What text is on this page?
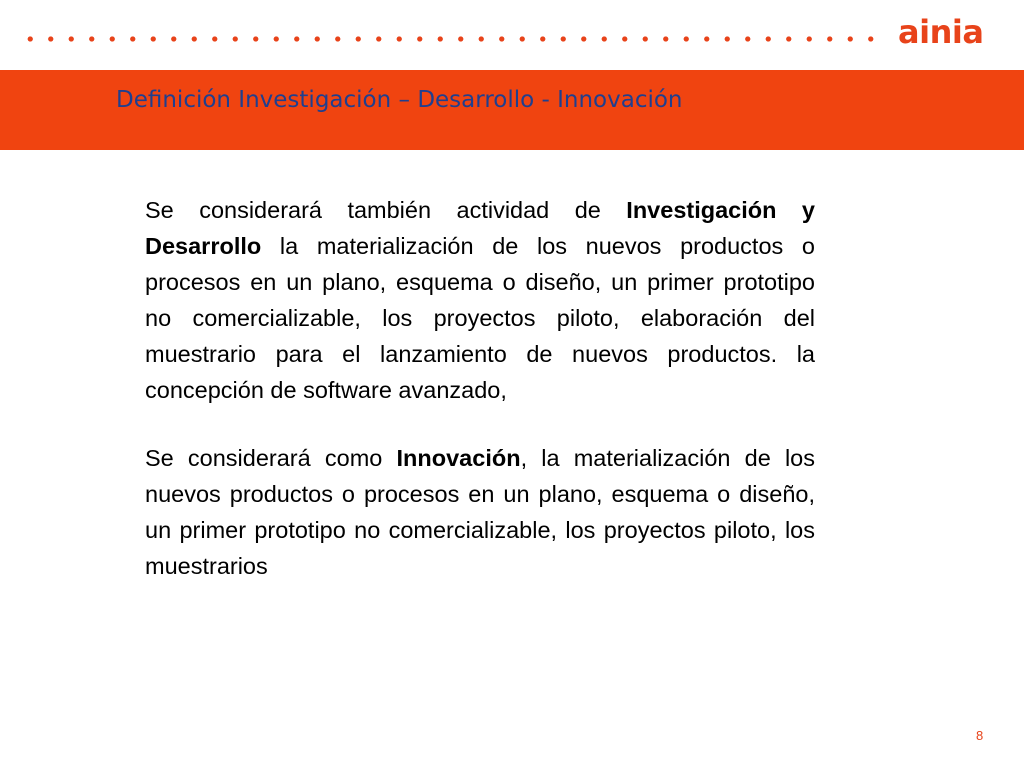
ainia
Definición Investigación – Desarrollo - Innovación

Se considerará también actividad de Investigación y Desarrollo la materialización de los nuevos productos o procesos en un plano, esquema o diseño, un primer prototipo no comercializable, los proyectos piloto, elaboración del muestrario para el lanzamiento de nuevos productos. la concepción de software avanzado,

Se considerará como Innovación, la materialización de los nuevos productos o procesos en un plano, esquema o diseño, un primer prototipo no comercializable, los proyectos piloto, los muestrarios

8
